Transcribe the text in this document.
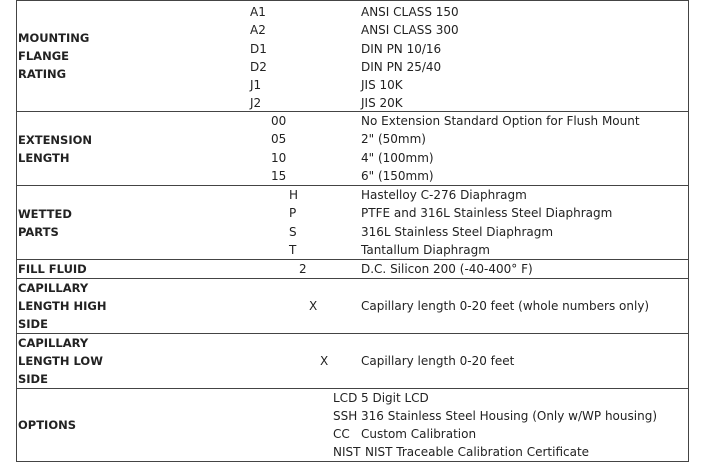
MOUNTING
FLANGE
RATING
A1	ANSI CLASS 150
A2	ANSI CLASS 300
D1	DIN PN 10/16
D2	DIN PN 25/40
J1	JIS 10K
J2	JIS 20K
EXTENSION
LENGTH
00	No Extension Standard Option for Flush Mount
05	2" (50mm)
10	4" (100mm)
15	6" (150mm)
WETTED
PARTS
H	Hastelloy C-276 Diaphragm
P	PTFE and 316L Stainless Steel Diaphragm
S	316L Stainless Steel Diaphragm
T	Tantallum Diaphragm
FILL FLUID	2	D.C. Silicon 200 (-40-400° F)
CAPILLARY
LENGTH HIGH
SIDE
X	Capillary length 0-20 feet (whole numbers only)
CAPILLARY
LENGTH LOW
SIDE
X	Capillary length 0-20 feet
OPTIONS
LCD 5 Digit LCD
SSH 316 Stainless Steel Housing (Only w/WP housing)
CC Custom Calibration
NIST NIST Traceable Calibration Certificate
